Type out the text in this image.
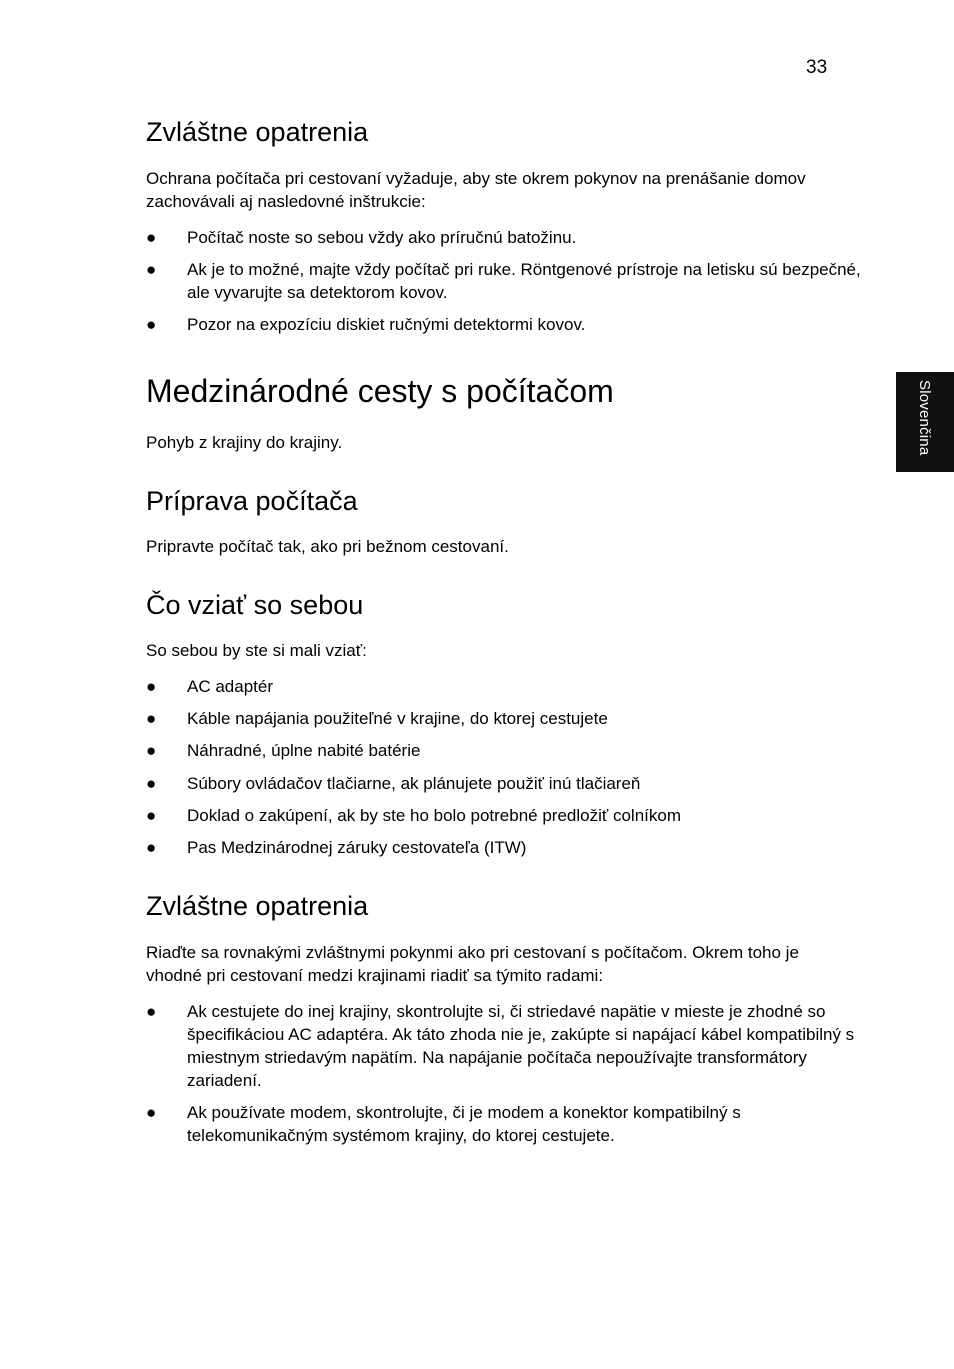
33
Slovenčina
Zvláštne opatrenia

Ochrana počítača pri cestovaní vyžaduje, aby ste okrem pokynov na prenášanie domov zachovávali aj nasledovné inštrukcie:

● Počítač noste so sebou vždy ako príručnú batožinu.
● Ak je to možné, majte vždy počítač pri ruke. Röntgenové prístroje na letisku sú bezpečné, ale vyvarujte sa detektorom kovov.
● Pozor na expozíciu diskiet ručnými detektormi kovov.
Medzinárodné cesty s počítačom

Pohyb z krajiny do krajiny.

Príprava počítača

Pripravte počítač tak, ako pri bežnom cestovaní.

Čo vziať so sebou

So sebou by ste si mali vziať:

● AC adaptér
● Káble napájania použiteľné v krajine, do ktorej cestujete
● Náhradné, úplne nabité batérie
● Súbory ovládačov tlačiarne, ak plánujete použiť inú tlačiareň
● Doklad o zakúpení, ak by ste ho bolo potrebné predložiť colníkom
● Pas Medzinárodnej záruky cestovateľa (ITW)
Zvláštne opatrenia

Riaďte sa rovnakými zvláštnymi pokynmi ako pri cestovaní s počítačom. Okrem toho je vhodné pri cestovaní medzi krajinami riadiť sa týmito radami:

● Ak cestujete do inej krajiny, skontrolujte si, či striedavé napätie v mieste je zhodné so špecifikáciou AC adaptéra. Ak táto zhoda nie je, zakúpte si napájací kábel kompatibilný s miestnym striedavým napätím. Na napájanie počítača nepoužívajte transformátory zariadení.
● Ak používate modem, skontrolujte, či je modem a konektor kompatibilný s telekomunikačným systémom krajiny, do ktorej cestujete.
